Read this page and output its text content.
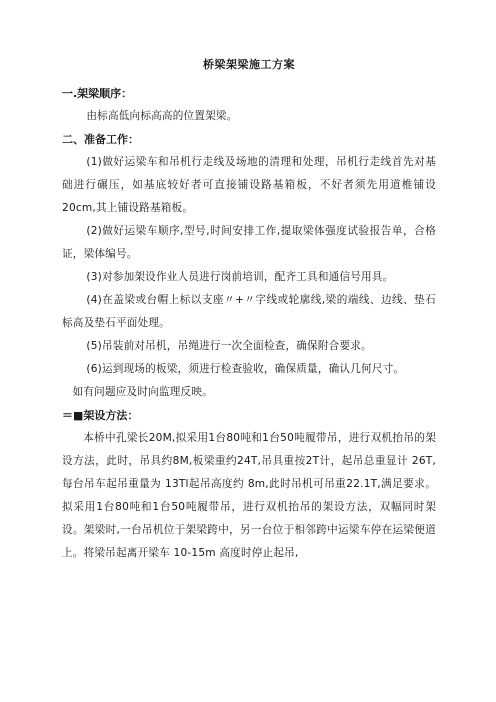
桥梁架梁施工方案

一.架梁顺序：

由标高低向标高高的位置架梁。

二、准备工作：

(1)做好运梁车和吊机行走线及场地的清理和处理，吊机行走线首先对基础进行碾压，如基底较好者可直接铺设路基箱板，不好者须先用道椎铺设20cm,其上铺设路基箱板。

(2)做好运梁车顺序,型号,时间安排工作,提取梁体强度试验报告单，合格证，梁体编号。

(3)对参加架设作业人员进行岗前培训，配齐工具和通信号用具。

(4)在盖梁或台帽上标以支座〃+〃字线或轮廓线,梁的端线、边线、垫石标高及垫石平面处理。

(5)吊装前对吊机，吊绳进行一次全面检查，确保附合要求。

(6)运到现场的板梁，须进行检查验收，确保质量，确认几何尺寸。

如有问题应及时向监理反映。

＝■架设方法：

本桥中孔梁长20M,拟采用1台80吨和1台50吨履带吊，进行双机抬吊的架设方法，此时，吊具约8M,板梁重约24T,吊具重按2T计，起吊总重显计 26T,每台吊车起吊重量为 13Tl起吊高度约 8m,此时吊机可吊重22.1T,满足要求。拟采用1台80吨和1台50吨履带吊，进行双机抬吊的架设方法，双幅同时架设。架梁时,一台吊机位于架梁跨中，另一台位于相邻跨中运梁车停在运梁便道上。将梁吊起离开梁车 10-15m 高度时停止起吊,
